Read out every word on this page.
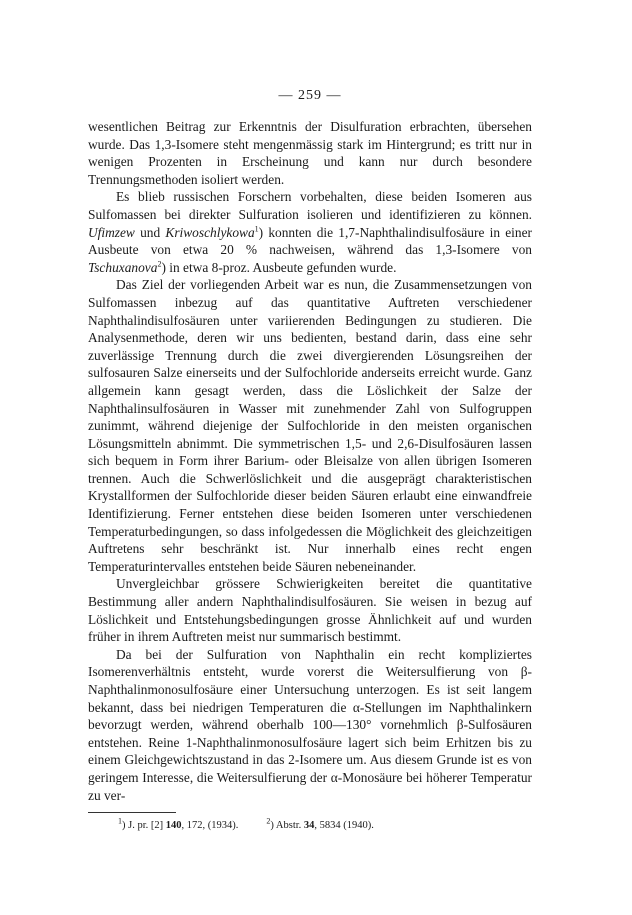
— 259 —

wesentlichen Beitrag zur Erkenntnis der Disulfuration erbrachten, übersehen wurde. Das 1,3-Isomere steht mengenmässig stark im Hintergrund; es tritt nur in wenigen Prozenten in Erscheinung und kann nur durch besondere Trennungsmethoden isoliert werden.

Es blieb russischen Forschern vorbehalten, diese beiden Isomeren aus Sulfomassen bei direkter Sulfuration isolieren und identifizieren zu können. Ufimzew und Kriwoschlykowa$^1$) konnten die 1,7-Naphthalindisulfosäure in einer Ausbeute von etwa 20 % nachweisen, während das 1,3-Isomere von Tschuxanova$^2$) in etwa 8-proz. Ausbeute gefunden wurde.

Das Ziel der vorliegenden Arbeit war es nun, die Zusammensetzungen von Sulfomassen inbezug auf das quantitative Auftreten verschiedener Naphthalindisulfosäuren unter variierenden Bedingungen zu studieren. Die Analysenmethode, deren wir uns bedienten, bestand darin, dass eine sehr zuverlässige Trennung durch die zwei divergierenden Lösungsreihen der sulfosauren Salze einerseits und der Sulfochloride anderseits erreicht wurde. Ganz allgemein kann gesagt werden, dass die Löslichkeit der Salze der Naphthalinsulfosäuren in Wasser mit zunehmender Zahl von Sulfogruppen zunimmt, während diejenige der Sulfochloride in den meisten organischen Lösungsmitteln abnimmt. Die symmetrischen 1,5- und 2,6-Disulfosäuren lassen sich bequem in Form ihrer Barium- oder Bleisalze von allen übrigen Isomeren trennen. Auch die Schwerlöslichkeit und die ausgeprägt charakteristischen Krystallformen der Sulfochloride dieser beiden Säuren erlaubt eine einwandfreie Identifizierung. Ferner entstehen diese beiden Isomeren unter verschiedenen Temperaturbedingungen, so dass infolgedessen die Möglichkeit des gleichzeitigen Auftretens sehr beschränkt ist. Nur innerhalb eines recht engen Temperaturintervalles entstehen beide Säuren nebeneinander.

Unvergleichbar grössere Schwierigkeiten bereitet die quantitative Bestimmung aller andern Naphthalindisulfosäuren. Sie weisen in bezug auf Löslichkeit und Entstehungsbedingungen grosse Ähnlichkeit auf und wurden früher in ihrem Auftreten meist nur summarisch bestimmt.

Da bei der Sulfuration von Naphthalin ein recht kompliziertes Isomerenverhältnis entsteht, wurde vorerst die Weitersulfierung von β-Naphthalinmonosulfosäure einer Untersuchung unterzogen. Es ist seit langem bekannt, dass bei niedrigen Temperaturen die α-Stellungen im Naphthalinkern bevorzugt werden, während oberhalb 100—130° vornehmlich β-Sulfosäuren entstehen. Reine 1-Naphthalinmonosulfosäure lagert sich beim Erhitzen bis zu einem Gleichgewichtszustand in das 2-Isomere um. Aus diesem Grunde ist es von geringem Interesse, die Weitersulfierung der α-Monosäure bei höherer Temperatur zu ver-

$^1$) J. pr. [2] 140, 172, (1934).	$^2$) Abstr. 34, 5834 (1940).
